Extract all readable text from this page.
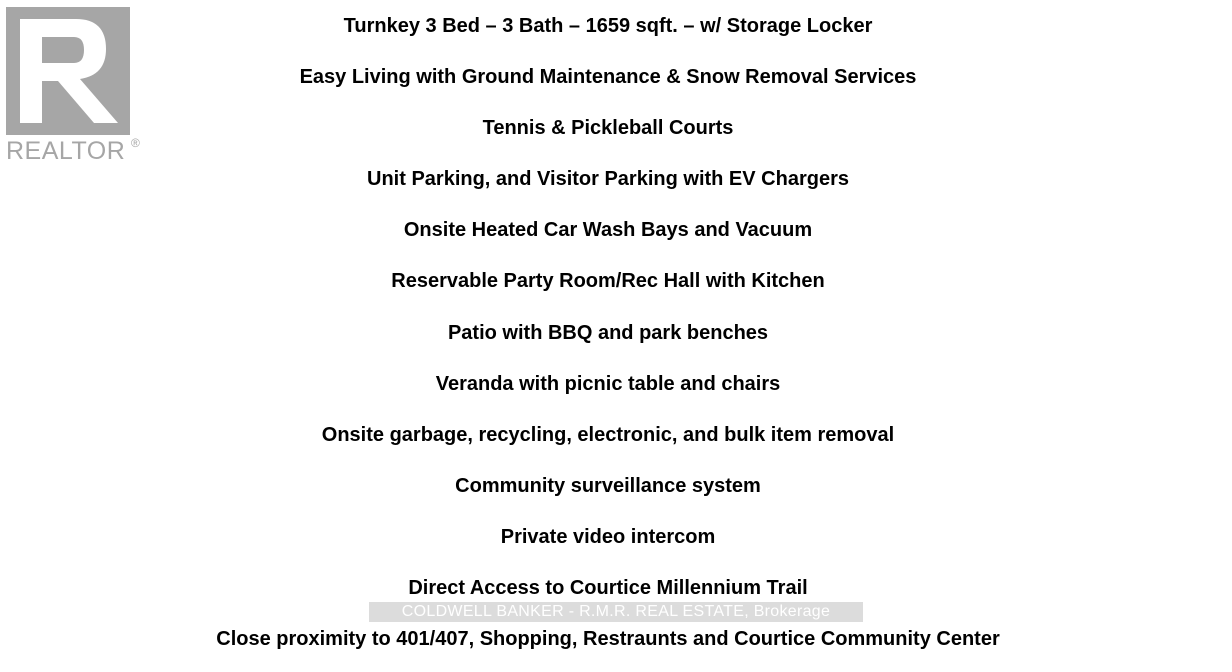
REALTOR ®
Turnkey 3 Bed – 3 Bath – 1659 sqft. – w/ Storage Locker
Easy Living with Ground Maintenance & Snow Removal Services
Tennis & Pickleball Courts
Unit Parking, and Visitor Parking with EV Chargers
Onsite Heated Car Wash Bays and Vacuum
Reservable Party Room/Rec Hall with Kitchen
Patio with BBQ and park benches
Veranda with picnic table and chairs
Onsite garbage, recycling, electronic, and bulk item removal
Community surveillance system
Private video intercom
Direct Access to Courtice Millennium Trail
Close proximity to 401/407, Shopping, Restraunts and Courtice Community Center
COLDWELL BANKER - R.M.R. REAL ESTATE, Brokerage
